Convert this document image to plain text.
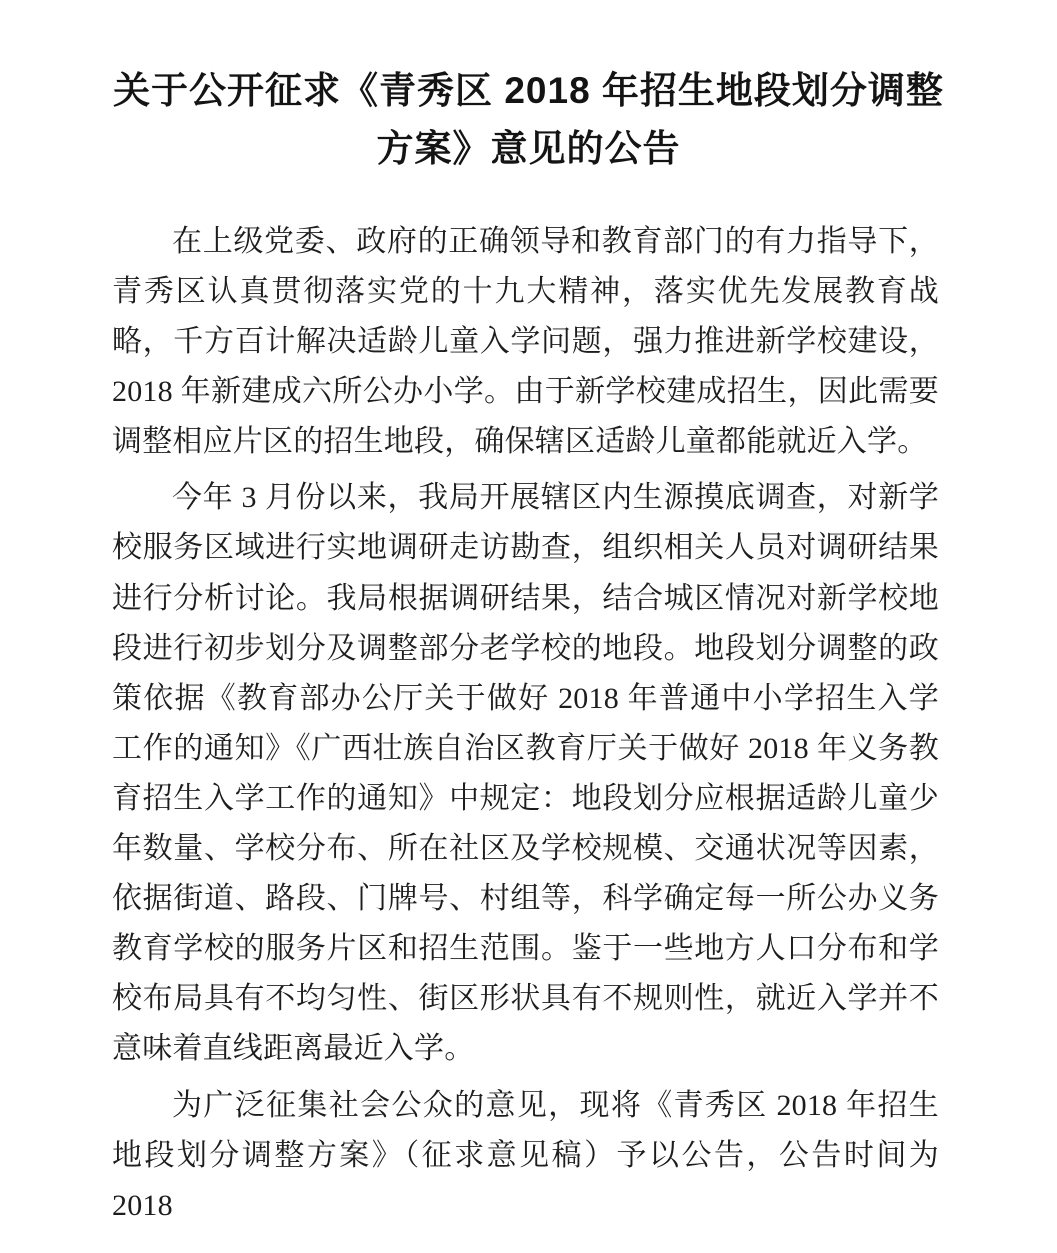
关于公开征求《青秀区 2018 年招生地段划分调整方案》意见的公告

在上级党委、政府的正确领导和教育部门的有力指导下，青秀区认真贯彻落实党的十九大精神，落实优先发展教育战略，千方百计解决适龄儿童入学问题，强力推进新学校建设，2018 年新建成六所公办小学。由于新学校建成招生，因此需要调整相应片区的招生地段，确保辖区适龄儿童都能就近入学。

今年 3 月份以来，我局开展辖区内生源摸底调查，对新学校服务区域进行实地调研走访勘查，组织相关人员对调研结果进行分析讨论。我局根据调研结果，结合城区情况对新学校地段进行初步划分及调整部分老学校的地段。地段划分调整的政策依据《教育部办公厅关于做好 2018 年普通中小学招生入学工作的通知》《广西壮族自治区教育厅关于做好 2018 年义务教育招生入学工作的通知》中规定：地段划分应根据适龄儿童少年数量、学校分布、所在社区及学校规模、交通状况等因素，依据街道、路段、门牌号、村组等，科学确定每一所公办义务教育学校的服务片区和招生范围。鉴于一些地方人口分布和学校布局具有不均匀性、街区形状具有不规则性，就近入学并不意味着直线距离最近入学。

为广泛征集社会公众的意见，现将《青秀区 2018 年招生地段划分调整方案》（征求意见稿）予以公告，公告时间为 2018
